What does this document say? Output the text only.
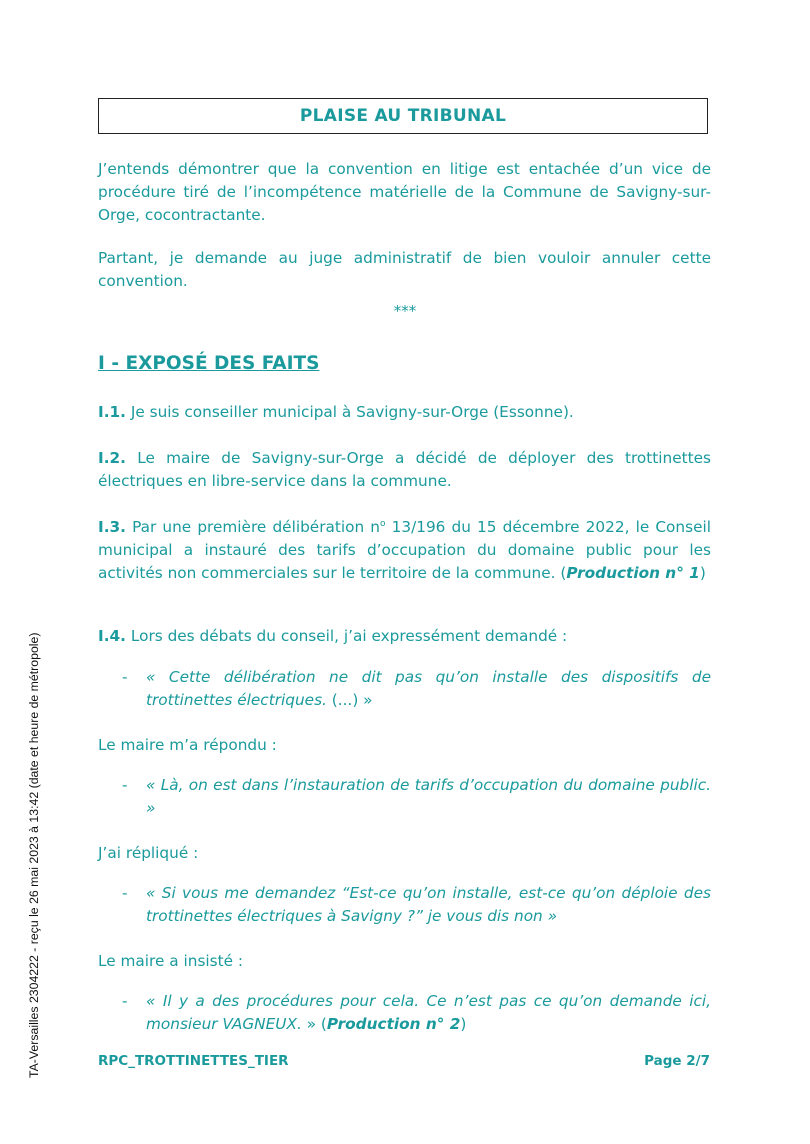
PLAISE AU TRIBUNAL
J’entends démontrer que la convention en litige est entachée d’un vice de procédure tiré de l’incompétence matérielle de la Commune de Savigny-sur-Orge, cocontractante.
Partant, je demande au juge administratif de bien vouloir annuler cette convention.
***
I - EXPOSÉ DES FAITS
I.1. Je suis conseiller municipal à Savigny-sur-Orge (Essonne).
I.2. Le maire de Savigny-sur-Orge a décidé de déployer des trottinettes électriques en libre-service dans la commune.
I.3. Par une première délibération $n^o$ 13/196 du 15 décembre 2022, le Conseil municipal a instauré des tarifs d’occupation du domaine public pour les activités non commerciales sur le territoire de la commune. (Production n° 1)
I.4. Lors des débats du conseil, j’ai expressément demandé :
- « Cette délibération ne dit pas qu’on installe des dispositifs de trottinettes électriques. (...) »
Le maire m’a répondu :
- « Là, on est dans l’instauration de tarifs d’occupation du domaine public. »
J’ai répliqué :
- « Si vous me demandez “Est-ce qu’on installe, est-ce qu’on déploie des trottinettes électriques à Savigny ?” je vous dis non »
Le maire a insisté :
- « Il y a des procédures pour cela. Ce n’est pas ce qu’on demande ici, monsieur VAGNEUX. » (Production n° 2)
RPC_TROTTINETTES_TIER	Page 2/7
TA-Versailles 2304222 - reçu le 26 mai 2023 à 13:42 (date et heure de métropole)
